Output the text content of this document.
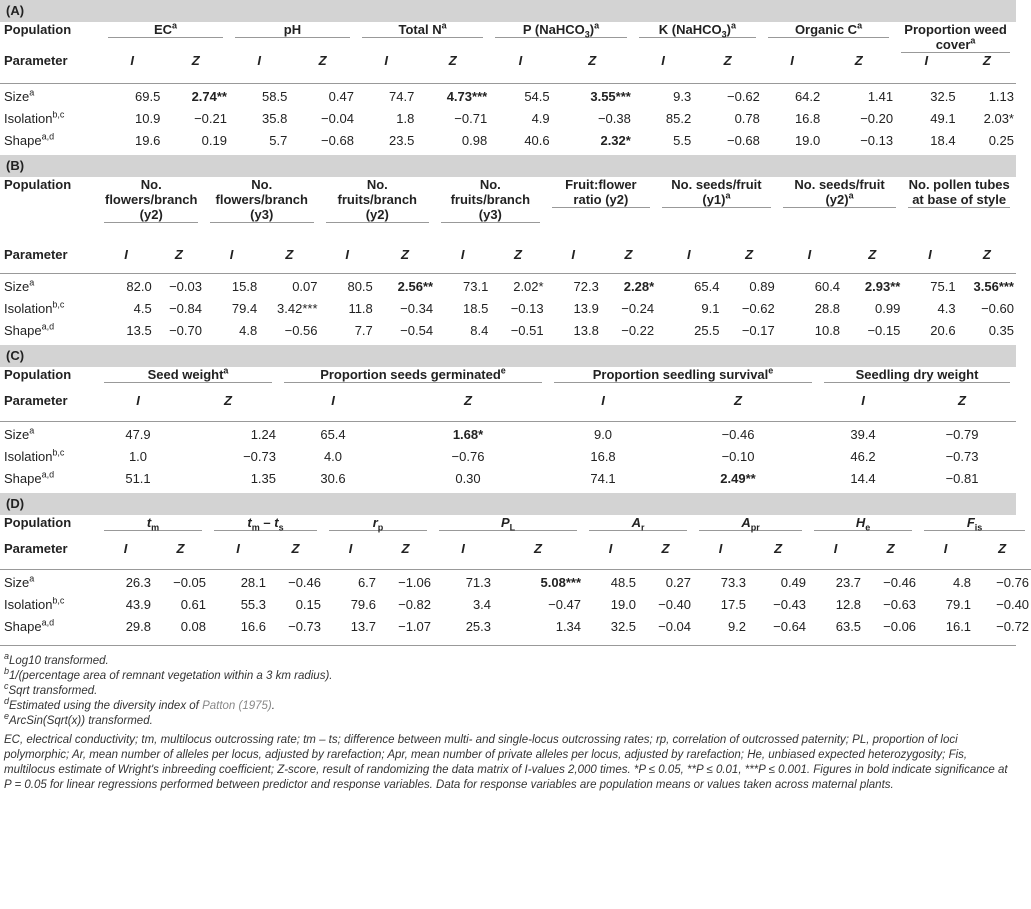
(A)
Population	$EC^a$		pH		Total $N^a$		P (NaHCO$_3$)$^a$		K (NaHCO$_3$)$^a$		Organic $C^a$		Proportion weed cover$^a$

Parameter	I	Z	I	Z	I	Z	I	Z	I	Z	I	Z	I	Z

Size$^a$	69.5	2.74**	58.5	0.47	74.7	4.73***	54.5	3.55***	9.3	−0.62	64.2	1.41	32.5	1.13
Isolation$^{b,c}$	10.9	−0.21	35.8	−0.04	1.8	−0.71	4.9	−0.38	85.2	0.78	16.8	−0.20	49.1	2.03*
Shape$^{a,d}$	19.6	0.19	5.7	−0.68	23.5	0.98	40.6	2.32*	5.5	−0.68	19.0	−0.13	18.4	0.25
(B)
Population	No. flowers/branch (y2)		No. flowers/branch (y3)		No. fruits/branch (y2)		No. fruits/branch (y3)		Fruit:flower ratio (y2)		No. seeds/fruit $(y1)^a$		No. seeds/fruit $(y2)^a$		No. pollen tubes at base of style	

Parameter	I	Z	I	Z	I	Z	I	Z	I	Z	I	Z	I	Z	I	Z

Size$^a$	82.0	−0.03	15.8	0.07	80.5	2.56**	73.1	2.02*	72.3	2.28*	65.4	0.89	60.4	2.93**	75.1	3.56***
Isolation$^{b,c}$	4.5	−0.84	79.4	3.42***	11.8	−0.34	18.5	−0.13	13.9	−0.24	9.1	−0.62	28.8	0.99	4.3	−0.60
Shape$^{a,d}$	13.5	−0.70	4.8	−0.56	7.7	−0.54	8.4	−0.51	13.8	−0.22	25.5	−0.17	10.8	−0.15	20.6	0.35
(C)
Population	Seed weight$^a$		Proportion seeds germinated$^e$		Proportion seedling survival$^e$		Seedling dry weight	

Parameter	I	Z	I	Z	I	Z	I	Z

Size$^a$	47.9	1.24	65.4	1.68*	9.0	−0.46	39.4	−0.79
Isolation$^{b,c}$	1.0	−0.73	4.0	−0.76	16.8	−0.10	46.2	−0.73
Shape$^{a,d}$	51.1	1.35	30.6	0.30	74.1	2.49**	14.4	−0.81
(D)
Population	$t_m$		$t_m - t_s$		$r_p$		$P_L$		$A_r$		$A_{pr}$		$H_e$		$F_{is}$

Parameter	I	Z	I	Z	I	Z	I	Z	I	Z	I	Z	I	Z	I	Z

Size$^a$	26.3	−0.05	28.1	−0.46	6.7	−1.06	71.3	5.08***	48.5	0.27	73.3	0.49	23.7	−0.46	4.8	−0.76
Isolation$^{b,c}$	43.9	0.61	55.3	0.15	79.6	−0.82	3.4	−0.47	19.0	−0.40	17.5	−0.43	12.8	−0.63	79.1	−0.40
Shape$^{a,d}$	29.8	0.08	16.6	−0.73	13.7	−1.07	25.3	1.34	32.5	−0.04	9.2	−0.64	63.5	−0.06	16.1	−0.72

$^a$Log10 transformed.

$^b$1/(percentage area of remnant vegetation within a 3 km radius).

$^c$Sqrt transformed.

$^d$Estimated using the diversity index of Patton (1975).

$^e$ArcSin(Sqrt(x)) transformed.

EC, electrical conductivity; tm, multilocus outcrossing rate; tm – ts; difference between multi- and single-locus outcrossing rates; rp, correlation of outcrossed paternity; PL, proportion of loci polymorphic; Ar, mean number of alleles per locus, adjusted by rarefaction; Apr, mean number of private alleles per locus, adjusted by rarefaction; He, unbiased expected heterozygosity; Fis, multilocus estimate of Wright's inbreeding coefficient; Z-score, result of randomizing the data matrix of I-values 2,000 times. *P ≤ 0.05, **P ≤ 0.01, ***P ≤ 0.001. Figures in bold indicate significance at P = 0.05 for linear regressions performed between predictor and response variables. Data for response variables are population means or values taken across maternal plants.
